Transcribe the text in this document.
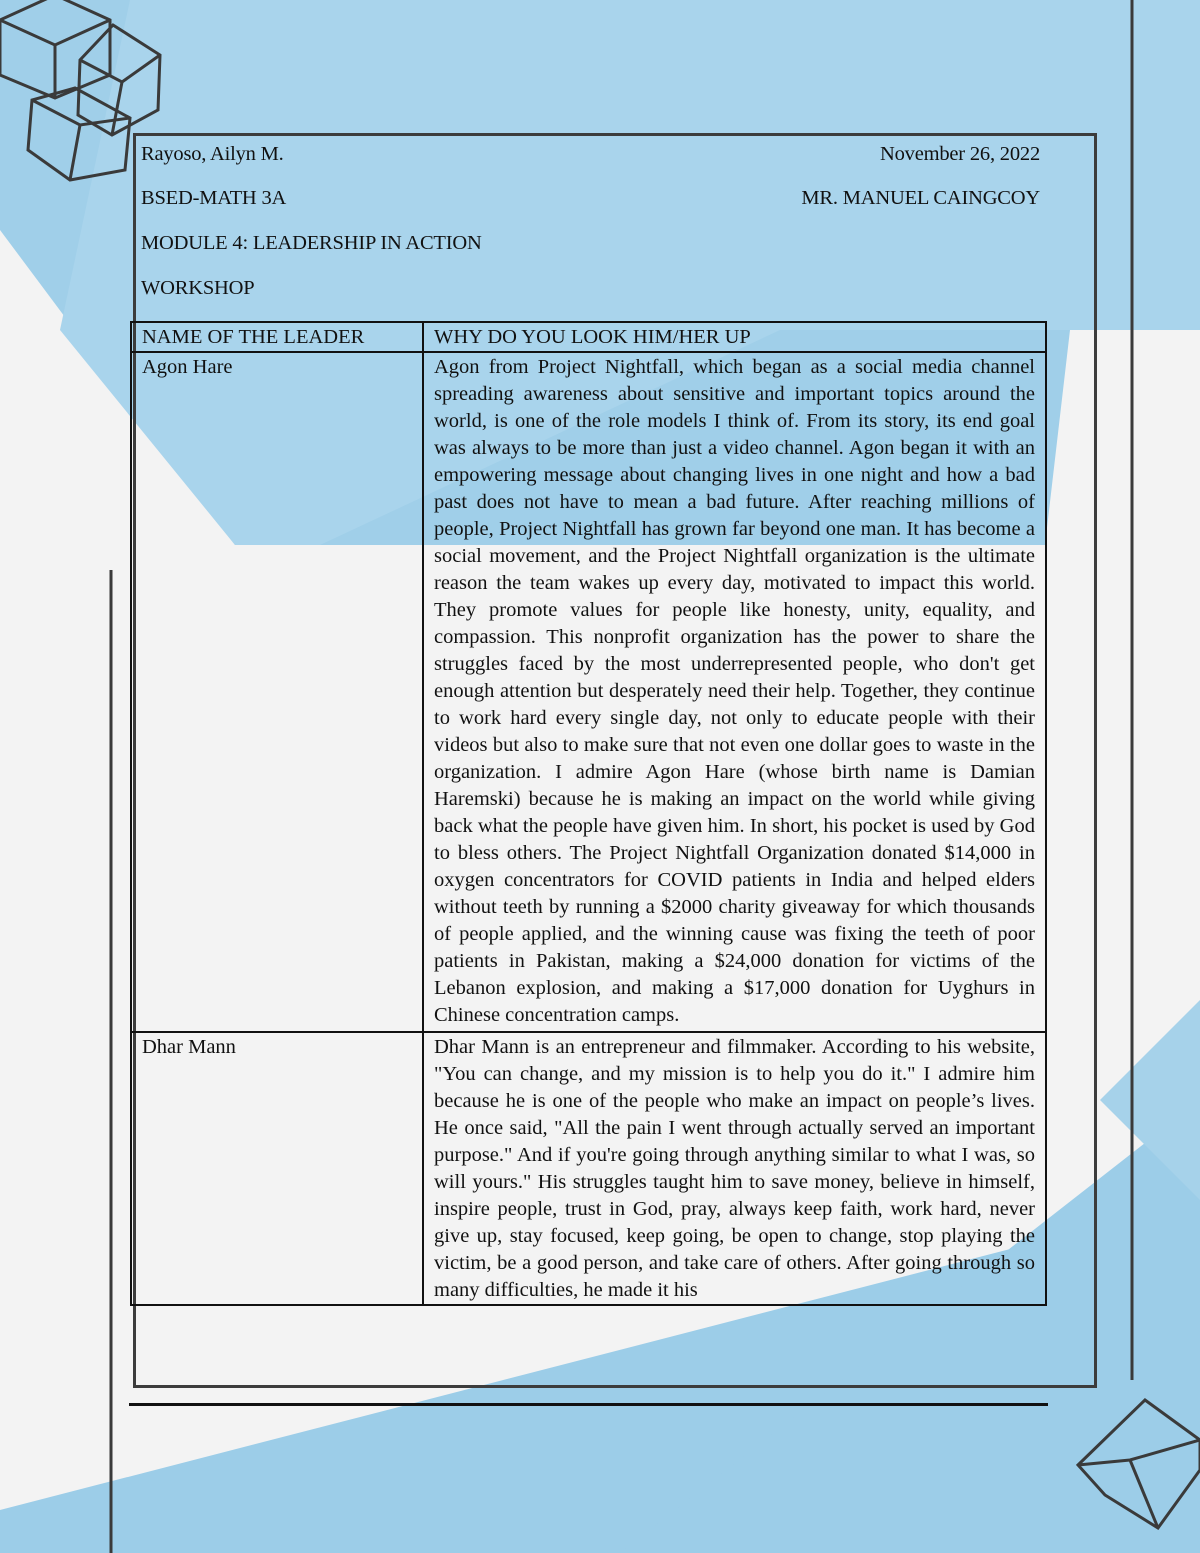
Rayoso, Ailyn M.	November 26, 2022
BSED-MATH 3A	MR. MANUEL CAINGCOY
MODULE 4: LEADERSHIP IN ACTION
WORKSHOP
NAME OF THE LEADER	WHY DO YOU LOOK HIM/HER UP
Agon Hare	Agon from Project Nightfall, which began as a social media channel spreading awareness about sensitive and important topics around the world, is one of the role models I think of. From its story, its end goal was always to be more than just a video channel. Agon began it with an empowering message about changing lives in one night and how a bad past does not have to mean a bad future. After reaching millions of people, Project Nightfall has grown far beyond one man. It has become a social movement, and the Project Nightfall organization is the ultimate reason the team wakes up every day, motivated to impact this world. They promote values for people like honesty, unity, equality, and compassion. This nonprofit organization has the power to share the struggles faced by the most underrepresented people, who don't get enough attention but desperately need their help. Together, they continue to work hard every single day, not only to educate people with their videos but also to make sure that not even one dollar goes to waste in the organization. I admire Agon Hare (whose birth name is Damian Haremski) because he is making an impact on the world while giving back what the people have given him. In short, his pocket is used by God to bless others. The Project Nightfall Organization donated $14,000 in oxygen concentrators for COVID patients in India and helped elders without teeth by running a $2000 charity giveaway for which thousands of people applied, and the winning cause was fixing the teeth of poor patients in Pakistan, making a $24,000 donation for victims of the Lebanon explosion, and making a $17,000 donation for Uyghurs in Chinese concentration camps.
Dhar Mann	Dhar Mann is an entrepreneur and filmmaker. According to his website, "You can change, and my mission is to help you do it." I admire him because he is one of the people who make an impact on people’s lives. He once said, "All the pain I went through actually served an important purpose." And if you're going through anything similar to what I was, so will yours." His struggles taught him to save money, believe in himself, inspire people, trust in God, pray, always keep faith, work hard, never give up, stay focused, keep going, be open to change, stop playing the victim, be a good person, and take care of others. After going through so many difficulties, he made it his
